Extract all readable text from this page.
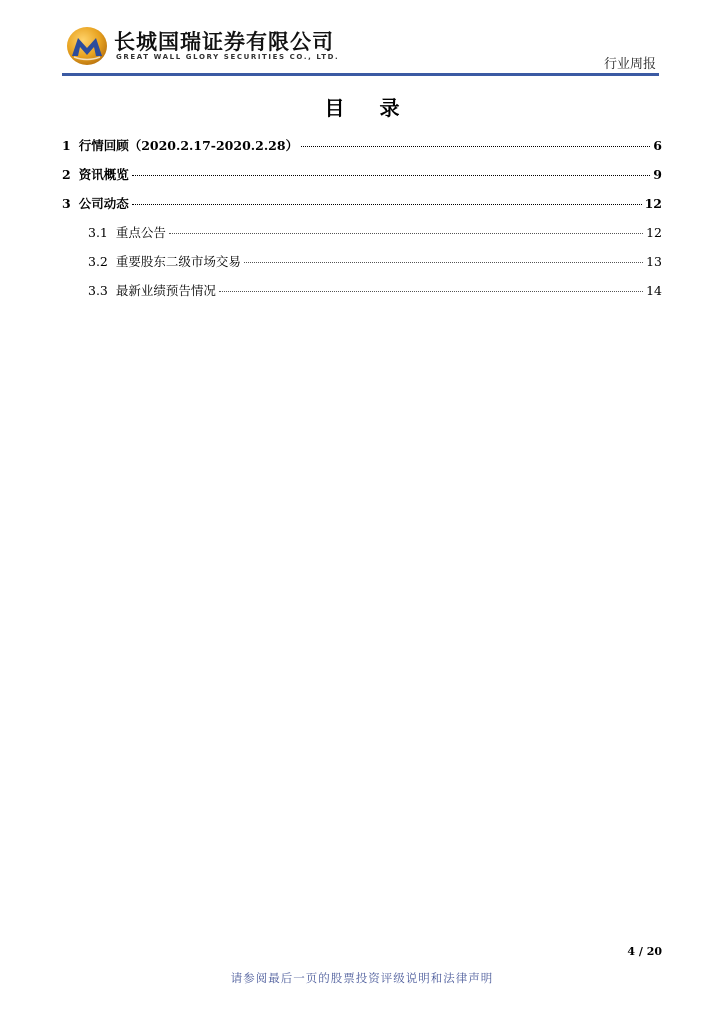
长城国瑞证券有限公司
GREAT WALL GLORY SECURITIES CO., LTD.	行业周报
目 录
1 行情回顾（2020.2.17-2020.2.28）	6
2 资讯概览	9
3 公司动态	12
3.1 重点公告	12
3.2 重要股东二级市场交易	13
3.3 最新业绩预告情况	14
4 / 20
请参阅最后一页的股票投资评级说明和法律声明
